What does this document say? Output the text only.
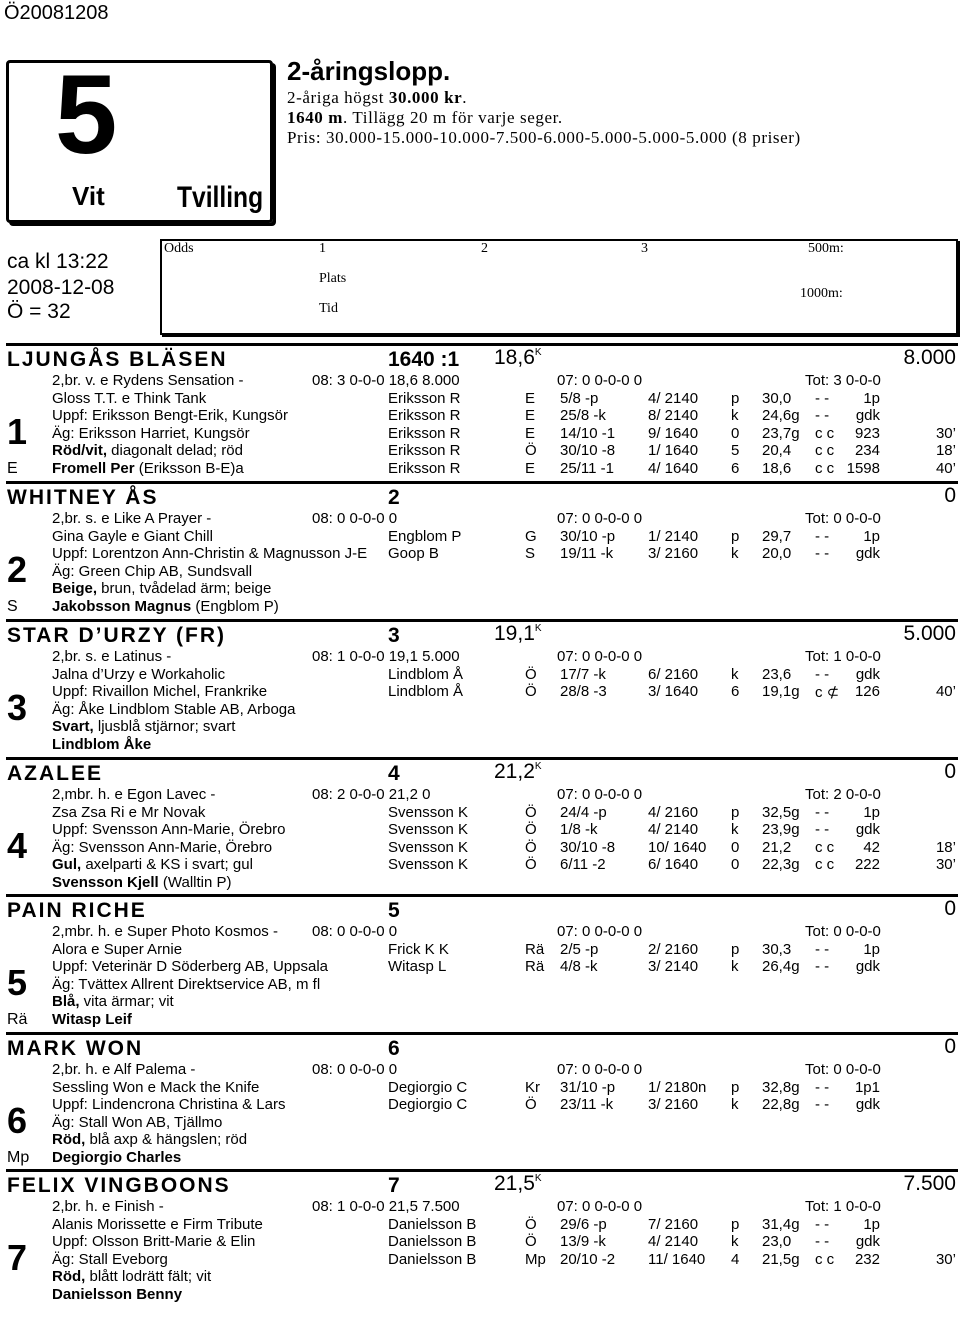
Ö20081208
5
Vit Tvilling
2-åringslopp.
2-åriga högst 30.000 kr.
1640 m. Tillägg 20 m för varje seger.
Pris: 30.000-15.000-10.000-7.500-6.000-5.000-5.000-5.000 (8 priser)
ca kl 13:22
2008-12-08
Ö = 32
Odds	1	2	3	500m:
Plats
1000m:
Tid
LJUNGÅS BLÄSEN	1640 :1 $18,6^K$	8.000
2,br. v. e Rydens Sensation -	08: 3 0-0-0 18,6 8.000	07: 0 0-0-0 0	Tot: 3 0-0-0
Gloss T.T. e Think Tank
Uppf: Eriksson Bengt-Erik, Kungsör
Äg: Eriksson Harriet, Kungsör
Röd/vit, diagonalt delad; röd
Fromell Per (Eriksson B-E)a
1
E
Eriksson R	E 5/8 -p	4/ 2140 p 30,0 - - 1p
Eriksson R	E 25/8 -k	8/ 2140 k 24,6g - - gdk
Eriksson R	E 14/10 -1 9/ 1640 0 23,7g c c 923	30’
Eriksson R	Ö 30/10 -8 1/ 1640 5 20,4 c c 234	18’
Eriksson R	E 25/11 -1 4/ 1640 6 18,6 c c 1598	40’
WHITNEY ÅS	2	0
2,br. s. e Like A Prayer -	08: 0 0-0-0 0	07: 0 0-0-0 0	Tot: 0 0-0-0
Gina Gayle e Giant Chill
Uppf: Lorentzon Ann-Christin & Magnusson J-E
Äg: Green Chip AB, Sundsvall
Beige, brun, tvådelad ärm; beige
Jakobsson Magnus (Engblom P)
2
S
Engblom P	G 30/10 -p 1/ 2140 p 29,7 - - 1p
Goop B	S 19/11 -k 3/ 2160 k 20,0 - - gdk
STAR D’URZY (FR)	3	$19,1^K$	5.000
2,br. s. e Latinus -	08: 1 0-0-0 19,1 5.000	07: 0 0-0-0 0	Tot: 1 0-0-0
Jalna d’Urzy e Workaholic
Uppf: Rivaillon Michel, Frankrike
Äg: Åke Lindblom Stable AB, Arboga
Svart, ljusblå stjärnor; svart
Lindblom Åke
3
Lindblom Å	Ö 17/7 -k	6/ 2160 k 23,6 - - gdk
Lindblom Å	Ö 28/8 -3	3/ 1640 6 19,1g c ⊄ 126	40’
AZALEE	4	$21,2^K$	0
2,mbr. h. e Egon Lavec -	08: 2 0-0-0 21,2 0	07: 0 0-0-0 0	Tot: 2 0-0-0
Zsa Zsa Ri e Mr Novak
Uppf: Svensson Ann-Marie, Örebro
Äg: Svensson Ann-Marie, Örebro
Gul, axelparti & KS i svart; gul
Svensson Kjell (Walltin P)
4
Svensson K	Ö 24/4 -p	4/ 2160 p 32,5g - - 1p
Svensson K	Ö 1/8 -k	4/ 2140 k 23,9g - - gdk
Svensson K	Ö 30/10 -8 10/ 1640 0 21,2 c c 42	18’
Svensson K	Ö 6/11 -2	6/ 1640 0 22,3g c c 222	30’
PAIN RICHE	5	0
2,mbr. h. e Super Photo Kosmos - 08: 0 0-0-0 0	07: 0 0-0-0 0	Tot: 0 0-0-0
Alora e Super Arnie
Uppf: Veterinär D Söderberg AB, Uppsala
Äg: Tvättex Allrent Direktservice AB, m fl
Blå, vita ärmar; vit
Witasp Leif
5
Rä
Frick K K	Rä 2/5 -p	2/ 2160 p 30,3 - - 1p
Witasp L	Rä 4/8 -k	3/ 2140 k 26,4g - - gdk
MARK WON	6	0
2,br. h. e Alf Palema -	08: 0 0-0-0 0	07: 0 0-0-0 0	Tot: 0 0-0-0
Sessling Won e Mack the Knife
Uppf: Lindencrona Christina & Lars
Äg: Stall Won AB, Tjällmo
Röd, blå axp & hängslen; röd
Degiorgio Charles
6
Mp
Degiorgio C	Kr 31/10 -p 1/ 2180n p 32,8g - - 1p1
Degiorgio C	Ö 23/11 -k 3/ 2160 k 22,8g - - gdk
FELIX VINGBOONS	7	$21,5^K$	7.500
2,br. h. e Finish -	08: 1 0-0-0 21,5 7.500	07: 0 0-0-0 0	Tot: 1 0-0-0
Alanis Morissette e Firm Tribute
Uppf: Olsson Britt-Marie & Elin
Äg: Stall Eveborg
Röd, blått lodrätt fält; vit
Danielsson Benny
7
Danielsson B	Ö 29/6 -p	7/ 2160 p 31,4g - - 1p
Danielsson B	Ö 13/9 -k	4/ 2140 k 23,0 - - gdk
Danielsson B	Mp 20/10 -2 11/ 1640 4 21,5g c c 232	30’
